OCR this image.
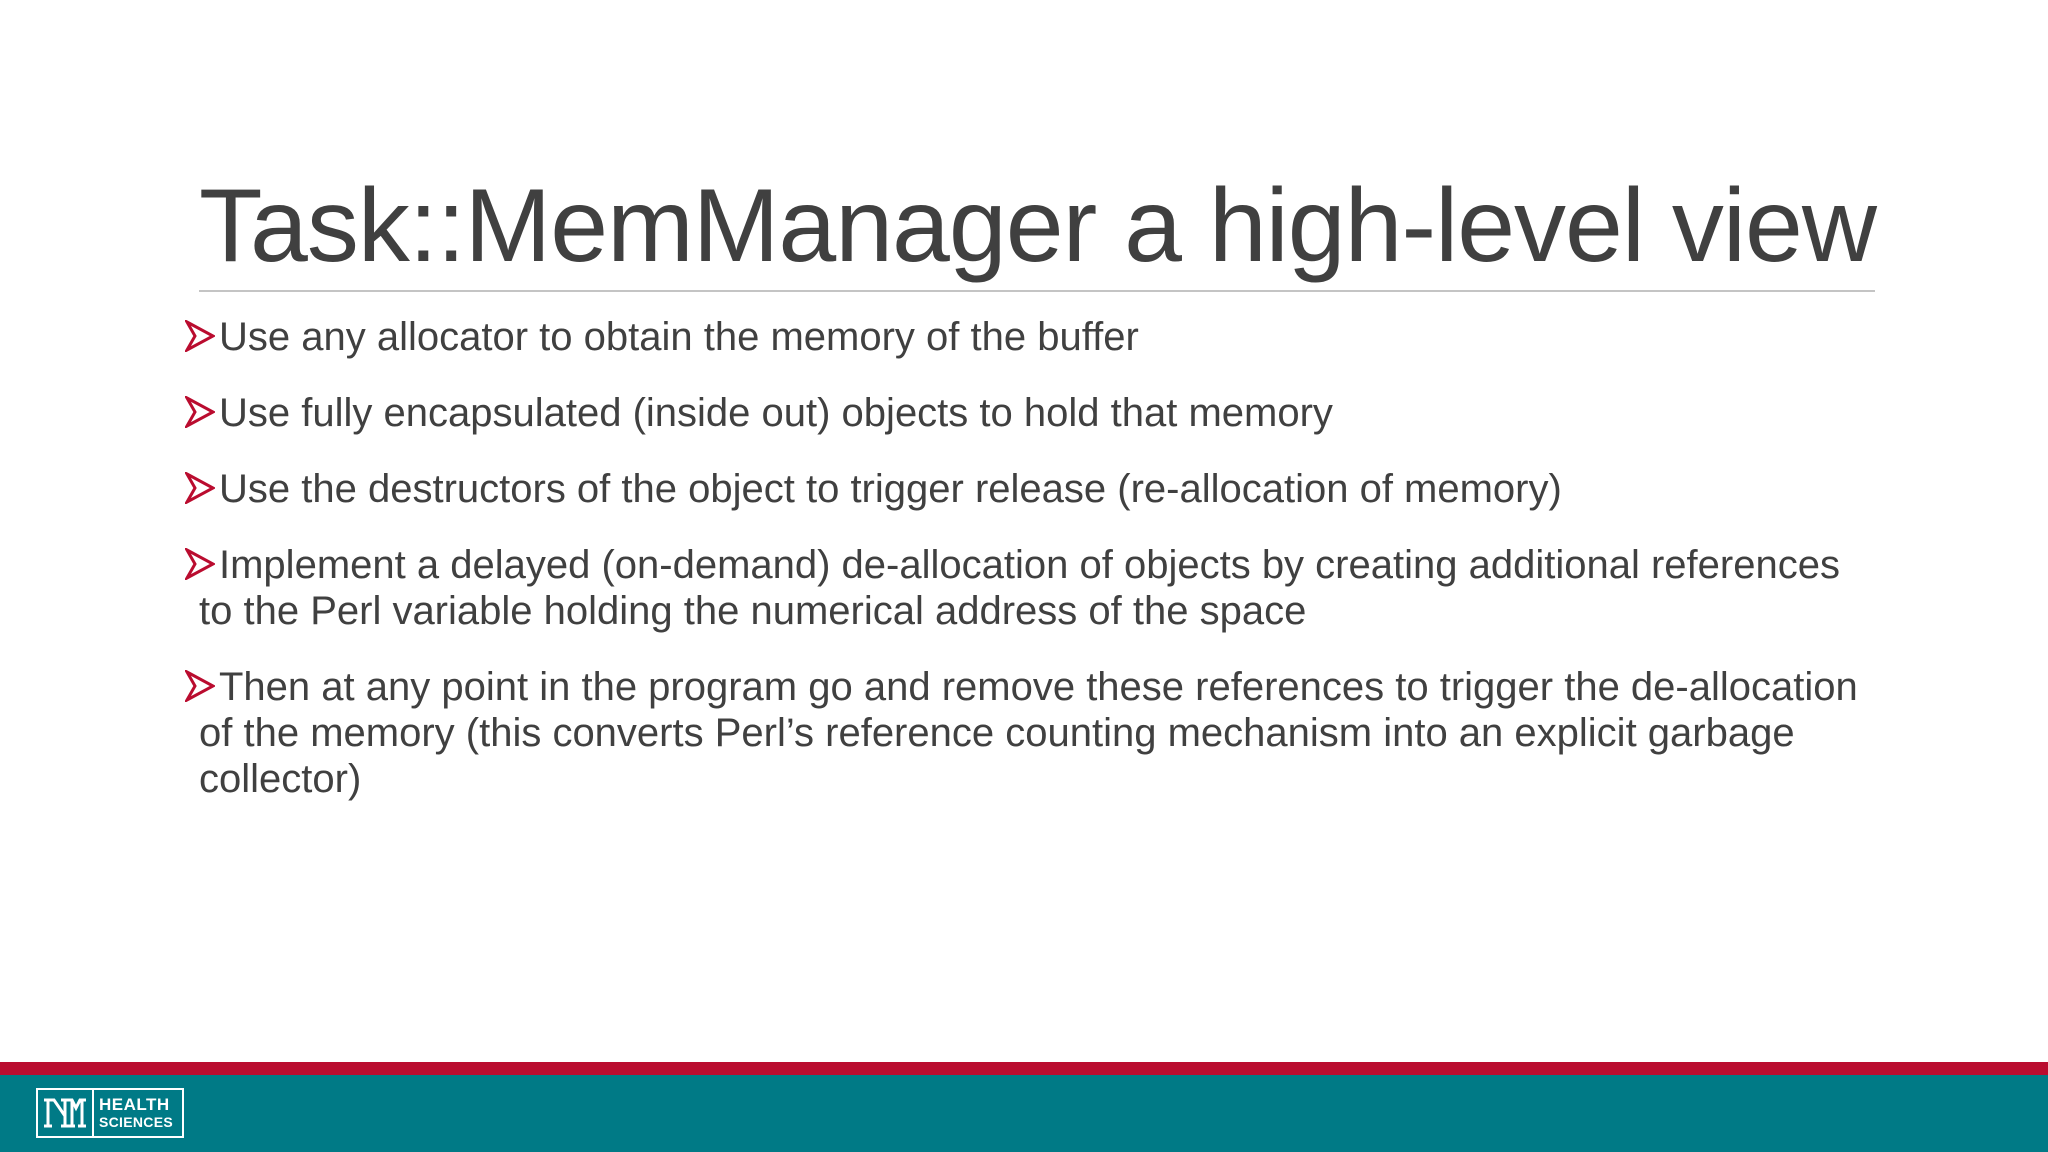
Task::MemManager a high-level view
Use any allocator to obtain the memory of the buffer
Use fully encapsulated (inside out) objects to hold that memory
Use the destructors of the object to trigger release (re-allocation of memory)
Implement a delayed (on-demand) de-allocation of objects by creating additional references to the Perl variable holding the numerical address of the space
Then at any point in the program go and remove these references to trigger the de-allocation of the memory (this converts Perl’s reference counting mechanism into an explicit garbage collector)
HEALTH
SCIENCES
